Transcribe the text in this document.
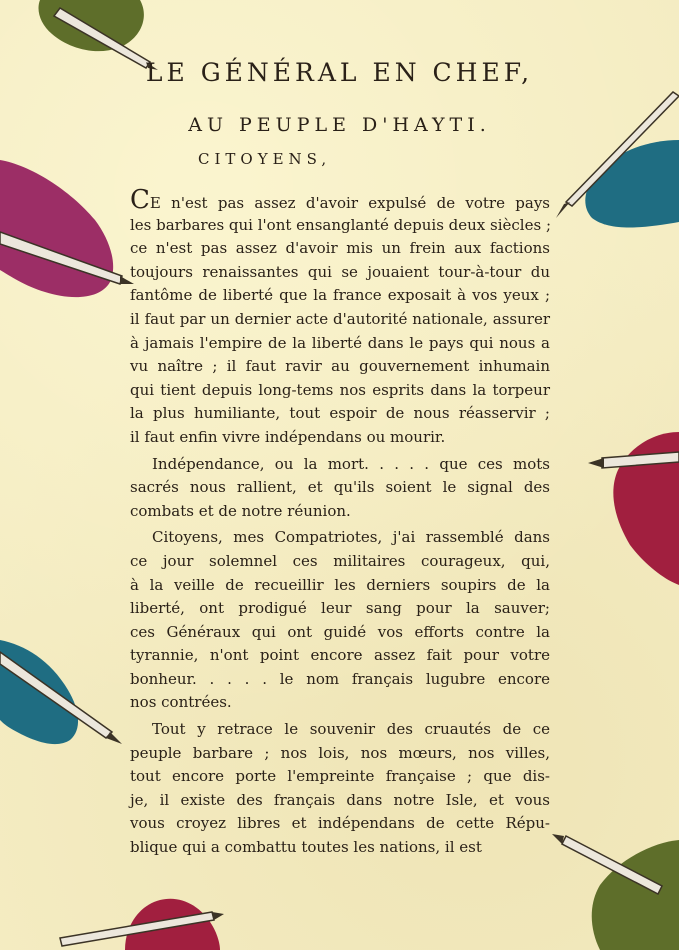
LE GÉNÉRAL EN CHEF,
AU PEUPLE D'HAYTI.
CITOYENS,
CE n'est pas assez d'avoir expulsé de votre pays
les barbares qui l'ont ensanglanté depuis deux siècles ;
ce n'est pas assez d'avoir mis un frein aux factions
toujours renaissantes qui se jouaient tour-à-tour du
fantôme de liberté que la france exposait à vos yeux ;
il faut par un dernier acte d'autorité nationale, assurer
à jamais l'empire de la liberté dans le pays qui nous a
vu naître ; il faut ravir au gouvernement inhumain
qui tient depuis long-tems nos esprits dans la torpeur
la plus humiliante, tout espoir de nous réasservir ;
il faut enfin vivre indépendans ou mourir.
Indépendance, ou la mort. . . . . que ces mots
sacrés nous rallient, et qu'ils soient le signal des
combats et de notre réunion.
Citoyens, mes Compatriotes, j'ai rassemblé dans
ce jour solemnel ces militaires courageux, qui,
à la veille de recueillir les derniers soupirs de la
liberté, ont prodigué leur sang pour la sauver;
ces Généraux qui ont guidé vos efforts contre la
tyrannie, n'ont point encore assez fait pour votre
bonheur. . . . . le nom français lugubre encore
nos contrées.
Tout y retrace le souvenir des cruautés de ce
peuple barbare ; nos lois, nos mœurs, nos villes,
tout encore porte l'empreinte française ; que dis-
je, il existe des français dans notre Isle, et vous
vous croyez libres et indépendans de cette Répu-
blique qui a combattu toutes les nations, il est
